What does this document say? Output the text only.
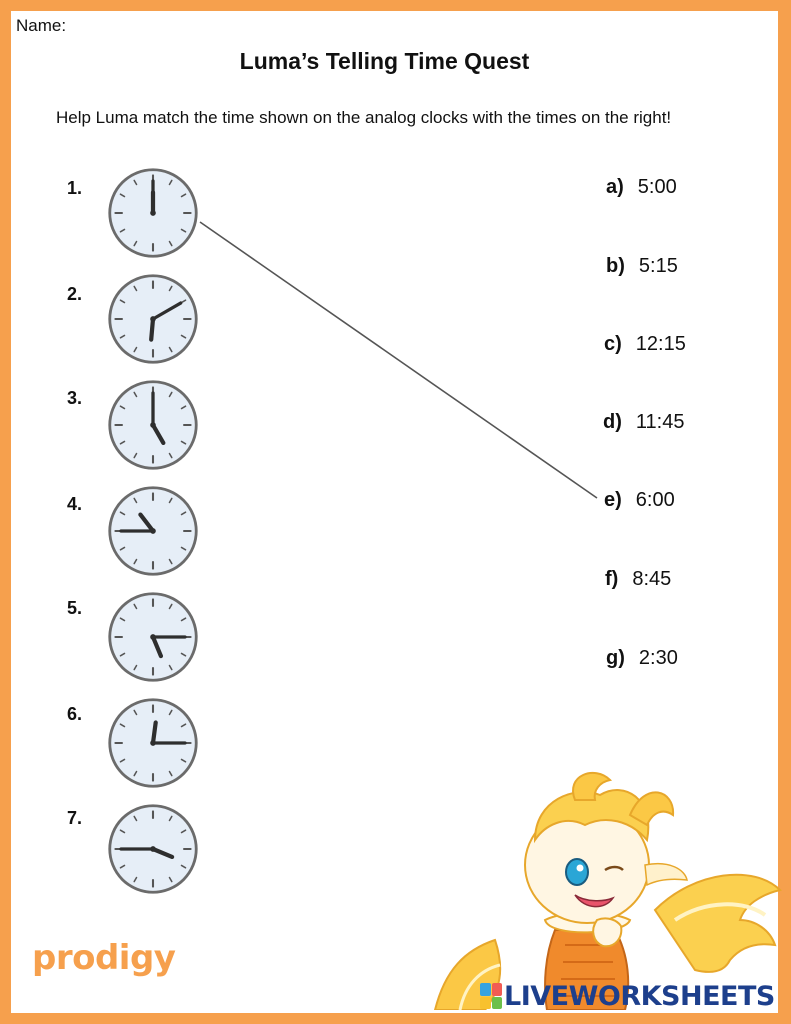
Name:
Luma’s Telling Time Quest
Help Luma match the time shown on the analog clocks with the times on the right!
1.
2.
3.
4.
5.
6.
7.
a) 5:00
b) 5:15
c) 12:15
d) 11:45
e) 6:00
f) 8:45
g) 2:30
prodigy
LIVEWORKSHEETS
